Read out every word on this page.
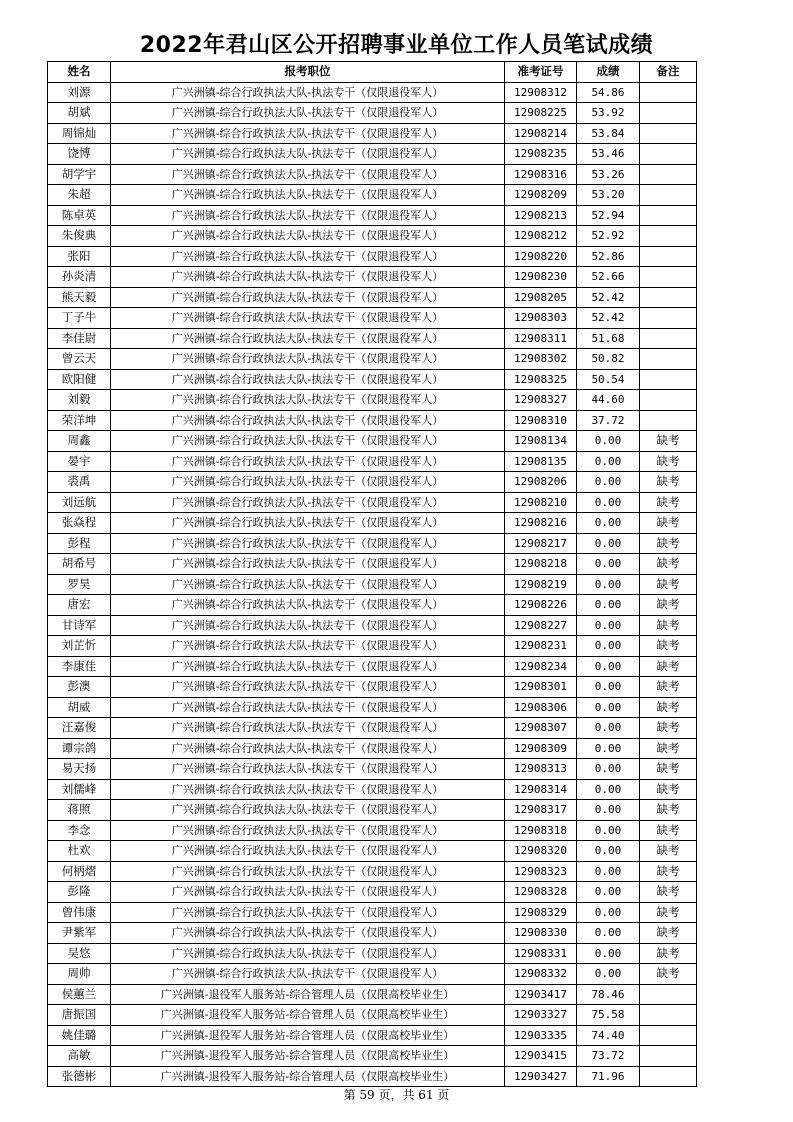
2022年君山区公开招聘事业单位工作人员笔试成绩
姓名	报考职位	准考证号	成绩	备注
刘源	广兴洲镇-综合行政执法大队-执法专干（仅限退役军人）	12908312	54.86	
胡斌	广兴洲镇-综合行政执法大队-执法专干（仅限退役军人）	12908225	53.92	
周锦灿	广兴洲镇-综合行政执法大队-执法专干（仅限退役军人）	12908214	53.84	
饶博	广兴洲镇-综合行政执法大队-执法专干（仅限退役军人）	12908235	53.46	
胡学宇	广兴洲镇-综合行政执法大队-执法专干（仅限退役军人）	12908316	53.26	
朱超	广兴洲镇-综合行政执法大队-执法专干（仅限退役军人）	12908209	53.20	
陈卓英	广兴洲镇-综合行政执法大队-执法专干（仅限退役军人）	12908213	52.94	
朱俊典	广兴洲镇-综合行政执法大队-执法专干（仅限退役军人）	12908212	52.92	
张阳	广兴洲镇-综合行政执法大队-执法专干（仅限退役军人）	12908220	52.86	
孙炎清	广兴洲镇-综合行政执法大队-执法专干（仅限退役军人）	12908230	52.66	
熊天毅	广兴洲镇-综合行政执法大队-执法专干（仅限退役军人）	12908205	52.42	
丁子牛	广兴洲镇-综合行政执法大队-执法专干（仅限退役军人）	12908303	52.42	
李佳尉	广兴洲镇-综合行政执法大队-执法专干（仅限退役军人）	12908311	51.68	
曾云天	广兴洲镇-综合行政执法大队-执法专干（仅限退役军人）	12908302	50.82	
欧阳健	广兴洲镇-综合行政执法大队-执法专干（仅限退役军人）	12908325	50.54	
刘毅	广兴洲镇-综合行政执法大队-执法专干（仅限退役军人）	12908327	44.60	
荣洋坤	广兴洲镇-综合行政执法大队-执法专干（仅限退役军人）	12908310	37.72	
周鑫	广兴洲镇-综合行政执法大队-执法专干（仅限退役军人）	12908134	0.00	缺考
晏宇	广兴洲镇-综合行政执法大队-执法专干（仅限退役军人）	12908135	0.00	缺考
裘禹	广兴洲镇-综合行政执法大队-执法专干（仅限退役军人）	12908206	0.00	缺考
刘远航	广兴洲镇-综合行政执法大队-执法专干（仅限退役军人）	12908210	0.00	缺考
张焱程	广兴洲镇-综合行政执法大队-执法专干（仅限退役军人）	12908216	0.00	缺考
彭程	广兴洲镇-综合行政执法大队-执法专干（仅限退役军人）	12908217	0.00	缺考
胡希号	广兴洲镇-综合行政执法大队-执法专干（仅限退役军人）	12908218	0.00	缺考
罗昊	广兴洲镇-综合行政执法大队-执法专干（仅限退役军人）	12908219	0.00	缺考
唐宏	广兴洲镇-综合行政执法大队-执法专干（仅限退役军人）	12908226	0.00	缺考
甘诗军	广兴洲镇-综合行政执法大队-执法专干（仅限退役军人）	12908227	0.00	缺考
刘芷忻	广兴洲镇-综合行政执法大队-执法专干（仅限退役军人）	12908231	0.00	缺考
李康佳	广兴洲镇-综合行政执法大队-执法专干（仅限退役军人）	12908234	0.00	缺考
彭澳	广兴洲镇-综合行政执法大队-执法专干（仅限退役军人）	12908301	0.00	缺考
胡威	广兴洲镇-综合行政执法大队-执法专干（仅限退役军人）	12908306	0.00	缺考
汪嘉俊	广兴洲镇-综合行政执法大队-执法专干（仅限退役军人）	12908307	0.00	缺考
谭宗鸽	广兴洲镇-综合行政执法大队-执法专干（仅限退役军人）	12908309	0.00	缺考
易天扬	广兴洲镇-综合行政执法大队-执法专干（仅限退役军人）	12908313	0.00	缺考
刘儒峰	广兴洲镇-综合行政执法大队-执法专干（仅限退役军人）	12908314	0.00	缺考
蒋照	广兴洲镇-综合行政执法大队-执法专干（仅限退役军人）	12908317	0.00	缺考
李念	广兴洲镇-综合行政执法大队-执法专干（仅限退役军人）	12908318	0.00	缺考
杜欢	广兴洲镇-综合行政执法大队-执法专干（仅限退役军人）	12908320	0.00	缺考
何柄熠	广兴洲镇-综合行政执法大队-执法专干（仅限退役军人）	12908323	0.00	缺考
彭隆	广兴洲镇-综合行政执法大队-执法专干（仅限退役军人）	12908328	0.00	缺考
曾伟康	广兴洲镇-综合行政执法大队-执法专干（仅限退役军人）	12908329	0.00	缺考
尹紫军	广兴洲镇-综合行政执法大队-执法专干（仅限退役军人）	12908330	0.00	缺考
吴悠	广兴洲镇-综合行政执法大队-执法专干（仅限退役军人）	12908331	0.00	缺考
周帅	广兴洲镇-综合行政执法大队-执法专干（仅限退役军人）	12908332	0.00	缺考
侯蕙兰	广兴洲镇-退役军人服务站-综合管理人员（仅限高校毕业生）	12903417	78.46	
唐振国	广兴洲镇-退役军人服务站-综合管理人员（仅限高校毕业生）	12903327	75.58	
姚佳璐	广兴洲镇-退役军人服务站-综合管理人员（仅限高校毕业生）	12903335	74.40	
高敏	广兴洲镇-退役军人服务站-综合管理人员（仅限高校毕业生）	12903415	73.72	
张德彬	广兴洲镇-退役军人服务站-综合管理人员（仅限高校毕业生）	12903427	71.96	
第 59 页，共 61 页
